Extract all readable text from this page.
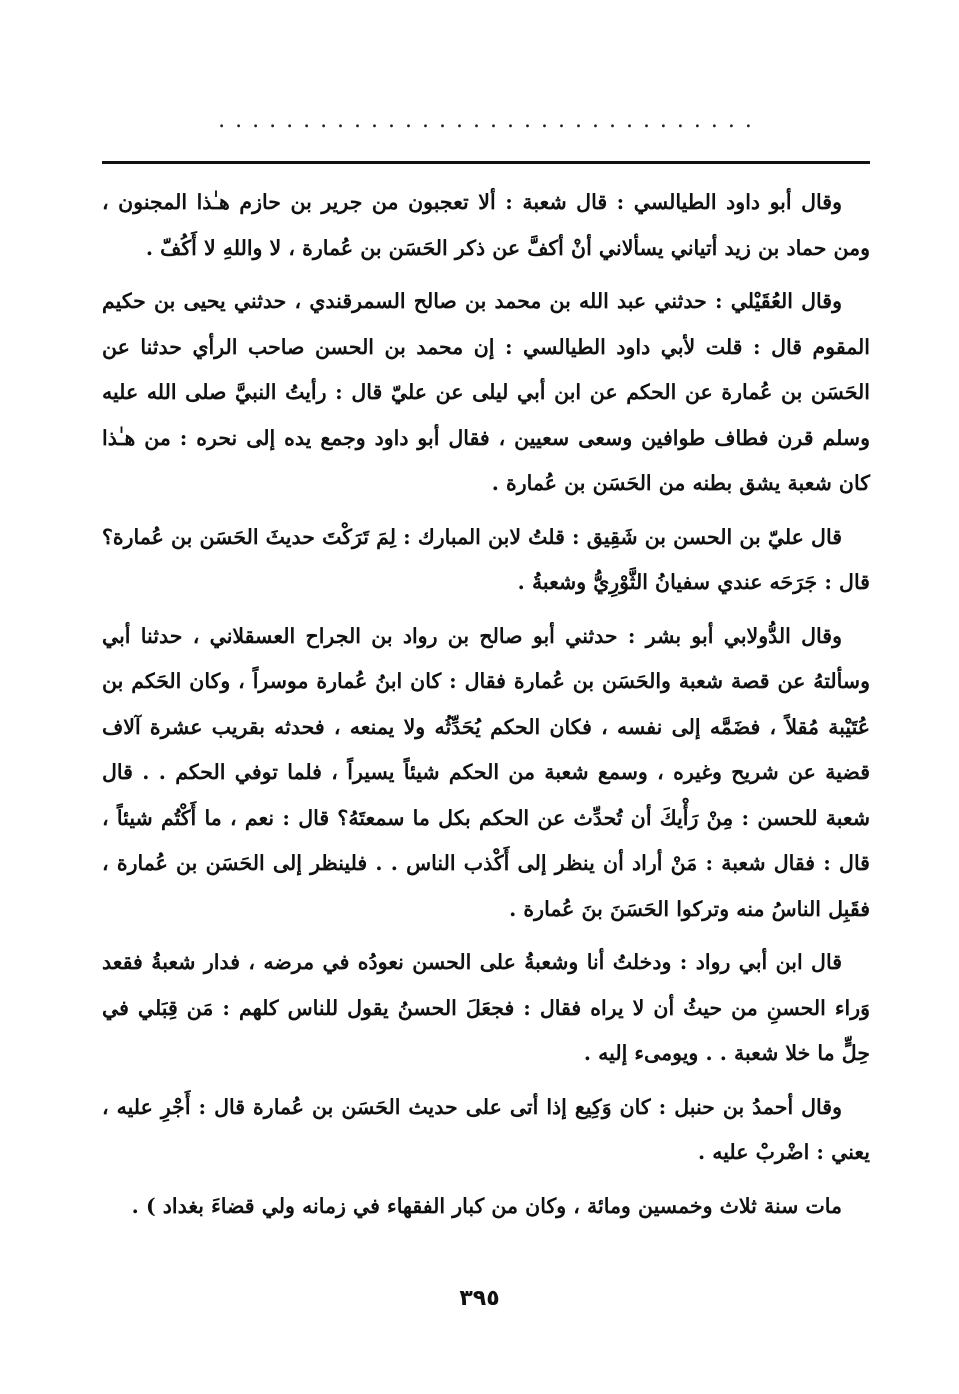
................................

وقال أبو داود الطيالسي : قال شعبة : ألا تعجبون من جرير بن حازم هـٰذا المجنون ، ومن حماد بن زيد أتياني يسألاني أنْ أكفَّ عن ذكر الحَسَن بن عُمارة ، لا واللهِ لا أَكُفّ .

وقال العُقَيْلي : حدثني عبد الله بن محمد بن صالح السمرقندي ، حدثني يحيى بن حكيم المقوم قال : قلت لأبي داود الطيالسي : إن محمد بن الحسن صاحب الرأي حدثنا عن الحَسَن بن عُمارة عن الحكم عن ابن أبي ليلى عن عليّ قال : رأيتُ النبيَّ صلى الله عليه وسلم قرن فطاف طوافين وسعى سعيين ، فقال أبو داود وجمع يده إلى نحره : من هـٰذا كان شعبة يشق بطنه من الحَسَن بن عُمارة .

قال عليّ بن الحسن بن شَقِيق : قلتُ لابن المبارك : لِمَ تَرَكْتَ حديثَ الحَسَن بن عُمارة؟ قال : جَرَحَه عندي سفيانُ الثَّوْرِيُّ وشعبةُ .

وقال الدُّولابي أبو بشر : حدثني أبو صالح بن رواد بن الجراح العسقلاني ، حدثنا أبي وسألتهُ عن قصة شعبة والحَسَن بن عُمارة فقال : كان ابنُ عُمارة موسراً ، وكان الحَكم بن عُتَيْبة مُقلاً ، فضَمَّه إلى نفسه ، فكان الحكم يُحَدِّثُه ولا يمنعه ، فحدثه بقريب عشرة آلاف قضية عن شريح وغيره ، وسمع شعبة من الحكم شيئاً يسيراً ، فلما توفي الحكم . . قال شعبة للحسن : مِنْ رَأْيكَ أن تُحدِّث عن الحكم بكل ما سمعتَهُ؟ قال : نعم ، ما أَكْتُم شيئاً ، قال : فقال شعبة : مَنْ أراد أن ينظر إلى أَكْذب الناس . . فلينظر إلى الحَسَن بن عُمارة ، فقَبِل الناسُ منه وتركوا الحَسَنَ بنَ عُمارة .

قال ابن أبي رواد : ودخلتُ أنا وشعبةُ على الحسن نعودُه في مرضه ، فدار شعبةُ فقعد وَراء الحسنِ من حيثُ أن لا يراه فقال : فجعَلَ الحسنُ يقول للناس كلهم : مَن قِبَلي في حِلٍّ ما خلا شعبة . . ويومىء إليه .

وقال أحمدُ بن حنبل : كان وَكِيع إذا أتى على حديث الحَسَن بن عُمارة قال : أَجْرِ عليه ، يعني : اضْربْ عليه .

مات سنة ثلاث وخمسين ومائة ، وكان من كبار الفقهاء في زمانه ولي قضاءَ بغداد ) .

٣٩٥
